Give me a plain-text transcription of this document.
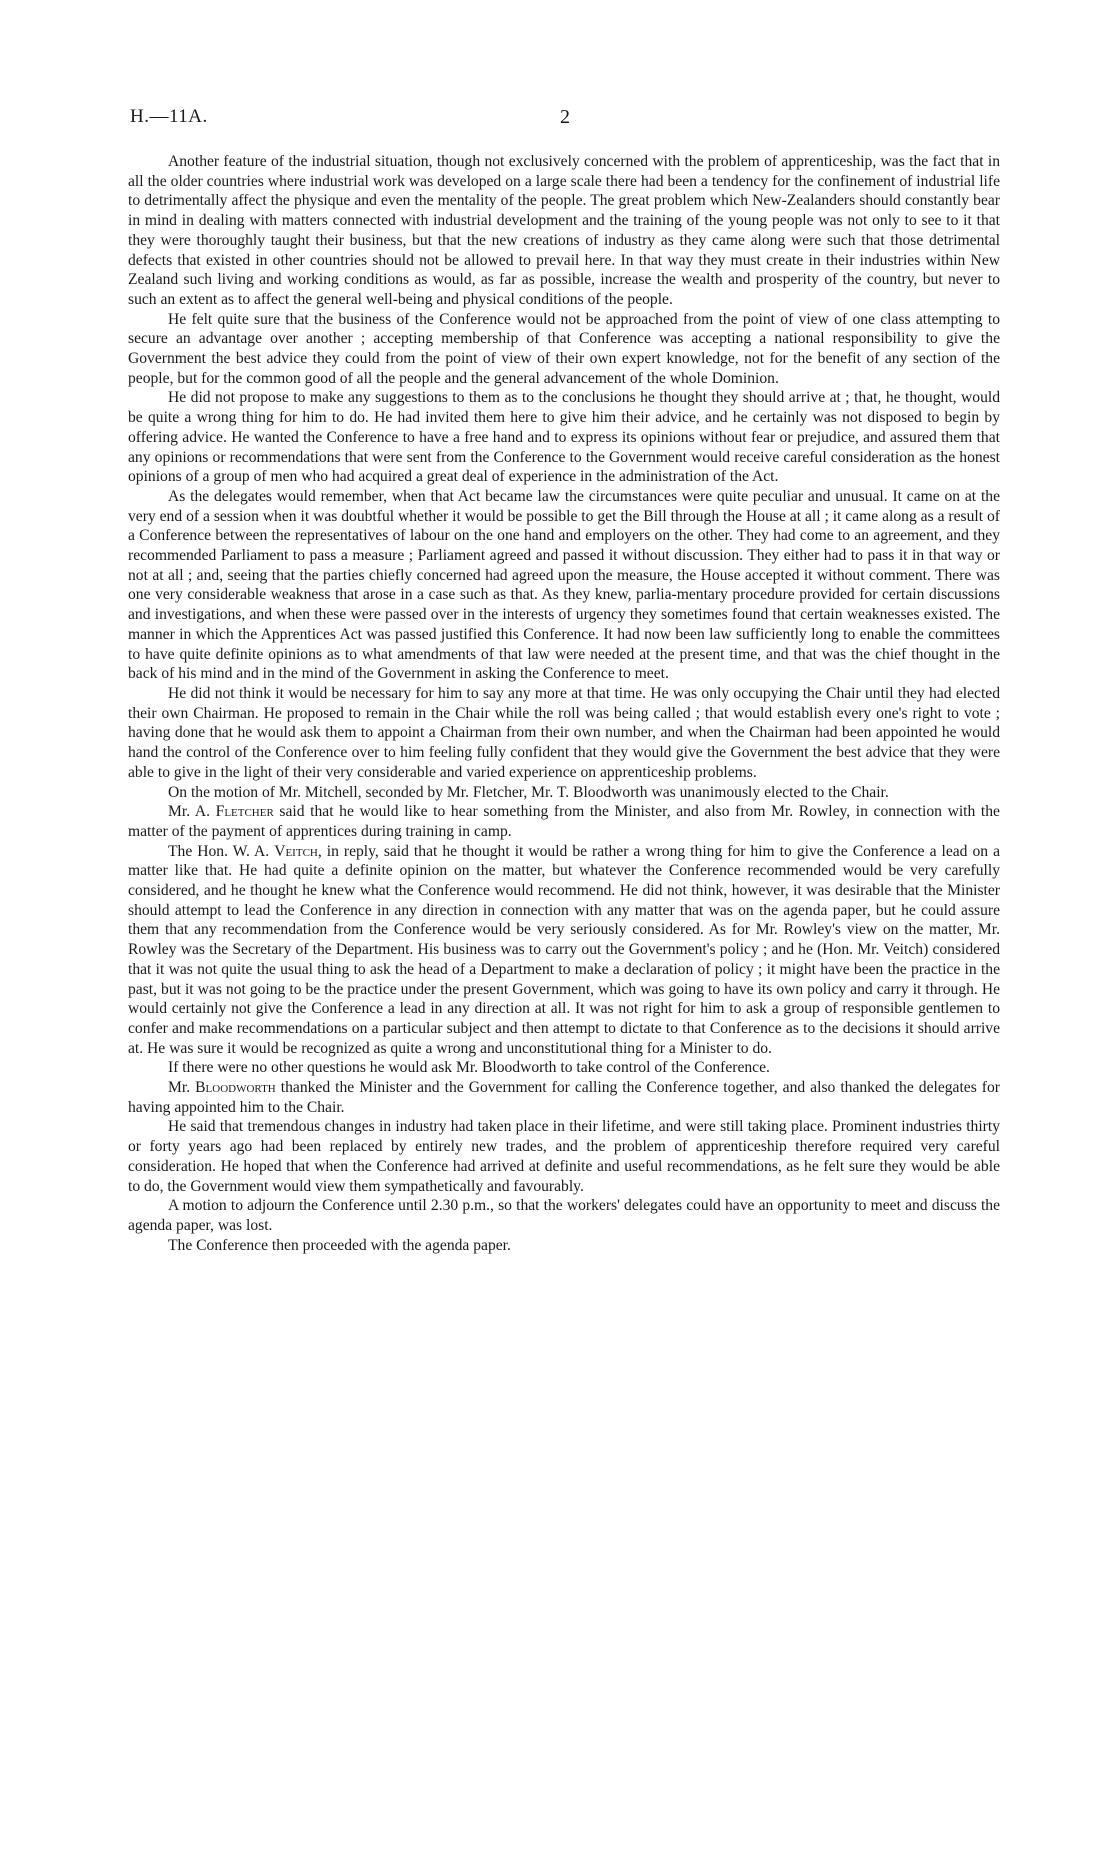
H.—11A.	2

Another feature of the industrial situation, though not exclusively concerned with the problem of apprenticeship, was the fact that in all the older countries where industrial work was developed on a large scale there had been a tendency for the confinement of industrial life to detrimentally affect the physique and even the mentality of the people. The great problem which New-Zealanders should constantly bear in mind in dealing with matters connected with industrial development and the training of the young people was not only to see to it that they were thoroughly taught their business, but that the new creations of industry as they came along were such that those detrimental defects that existed in other countries should not be allowed to prevail here. In that way they must create in their industries within New Zealand such living and working conditions as would, as far as possible, increase the wealth and prosperity of the country, but never to such an extent as to affect the general well-being and physical conditions of the people.

He felt quite sure that the business of the Conference would not be approached from the point of view of one class attempting to secure an advantage over another ; accepting membership of that Conference was accepting a national responsibility to give the Government the best advice they could from the point of view of their own expert knowledge, not for the benefit of any section of the people, but for the common good of all the people and the general advancement of the whole Dominion.

He did not propose to make any suggestions to them as to the conclusions he thought they should arrive at ; that, he thought, would be quite a wrong thing for him to do. He had invited them here to give him their advice, and he certainly was not disposed to begin by offering advice. He wanted the Conference to have a free hand and to express its opinions without fear or prejudice, and assured them that any opinions or recommendations that were sent from the Conference to the Government would receive careful consideration as the honest opinions of a group of men who had acquired a great deal of experience in the administration of the Act.

As the delegates would remember, when that Act became law the circumstances were quite peculiar and unusual. It came on at the very end of a session when it was doubtful whether it would be possible to get the Bill through the House at all ; it came along as a result of a Conference between the representatives of labour on the one hand and employers on the other. They had come to an agreement, and they recommended Parliament to pass a measure ; Parliament agreed and passed it without discussion. They either had to pass it in that way or not at all ; and, seeing that the parties chiefly concerned had agreed upon the measure, the House accepted it without comment. There was one very considerable weakness that arose in a case such as that. As they knew, parlia-mentary procedure provided for certain discussions and investigations, and when these were passed over in the interests of urgency they sometimes found that certain weaknesses existed. The manner in which the Apprentices Act was passed justified this Conference. It had now been law sufficiently long to enable the committees to have quite definite opinions as to what amendments of that law were needed at the present time, and that was the chief thought in the back of his mind and in the mind of the Government in asking the Conference to meet.

He did not think it would be necessary for him to say any more at that time. He was only occupying the Chair until they had elected their own Chairman. He proposed to remain in the Chair while the roll was being called ; that would establish every one's right to vote ; having done that he would ask them to appoint a Chairman from their own number, and when the Chairman had been appointed he would hand the control of the Conference over to him feeling fully confident that they would give the Government the best advice that they were able to give in the light of their very considerable and varied experience on apprenticeship problems.

On the motion of Mr. Mitchell, seconded by Mr. Fletcher, Mr. T. Bloodworth was unanimously elected to the Chair.

Mr. A. Fletcher said that he would like to hear something from the Minister, and also from Mr. Rowley, in connection with the matter of the payment of apprentices during training in camp.

The Hon. W. A. Veitch, in reply, said that he thought it would be rather a wrong thing for him to give the Conference a lead on a matter like that. He had quite a definite opinion on the matter, but whatever the Conference recommended would be very carefully considered, and he thought he knew what the Conference would recommend. He did not think, however, it was desirable that the Minister should attempt to lead the Conference in any direction in connection with any matter that was on the agenda paper, but he could assure them that any recommendation from the Conference would be very seriously considered. As for Mr. Rowley's view on the matter, Mr. Rowley was the Secretary of the Department. His business was to carry out the Government's policy ; and he (Hon. Mr. Veitch) considered that it was not quite the usual thing to ask the head of a Department to make a declaration of policy ; it might have been the practice in the past, but it was not going to be the practice under the present Government, which was going to have its own policy and carry it through. He would certainly not give the Conference a lead in any direction at all. It was not right for him to ask a group of responsible gentlemen to confer and make recommendations on a particular subject and then attempt to dictate to that Conference as to the decisions it should arrive at. He was sure it would be recognized as quite a wrong and unconstitutional thing for a Minister to do.

If there were no other questions he would ask Mr. Bloodworth to take control of the Conference.

Mr. Bloodworth thanked the Minister and the Government for calling the Conference together, and also thanked the delegates for having appointed him to the Chair.

He said that tremendous changes in industry had taken place in their lifetime, and were still taking place. Prominent industries thirty or forty years ago had been replaced by entirely new trades, and the problem of apprenticeship therefore required very careful consideration. He hoped that when the Conference had arrived at definite and useful recommendations, as he felt sure they would be able to do, the Government would view them sympathetically and favourably.

A motion to adjourn the Conference until 2.30 p.m., so that the workers' delegates could have an opportunity to meet and discuss the agenda paper, was lost.

The Conference then proceeded with the agenda paper.
